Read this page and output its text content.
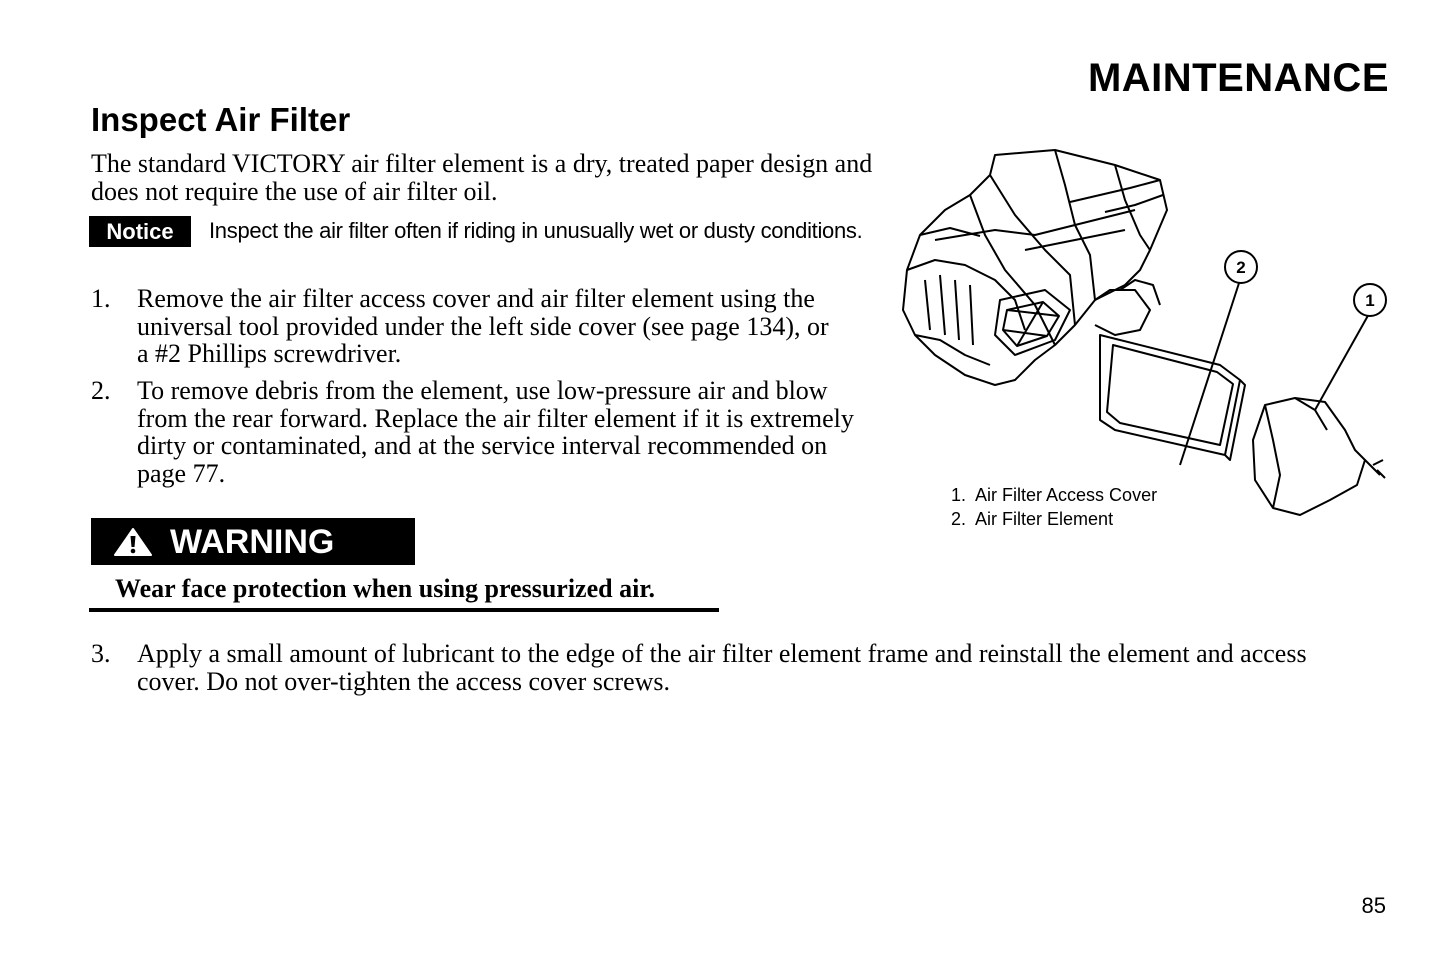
MAINTENANCE
Inspect Air Filter
The standard VICTORY air filter element is a dry, treated paper design and does not require the use of air filter oil.
Notice	Inspect the air filter often if riding in unusually wet or dusty conditions.
1. Remove the air filter access cover and air filter element using the universal tool provided under the left side cover (see page 134), or a #2 Phillips screwdriver.
2. To remove debris from the element, use low-pressure air and blow from the rear forward. Replace the air filter element if it is extremely dirty or contaminated, and at the service interval recommended on page 77.
WARNING
Wear face protection when using pressurized air.
3. Apply a small amount of lubricant to the edge of the air filter element frame and reinstall the element and access cover. Do not over-tighten the access cover screws.
2
1
1. Air Filter Access Cover
2. Air Filter Element
85
